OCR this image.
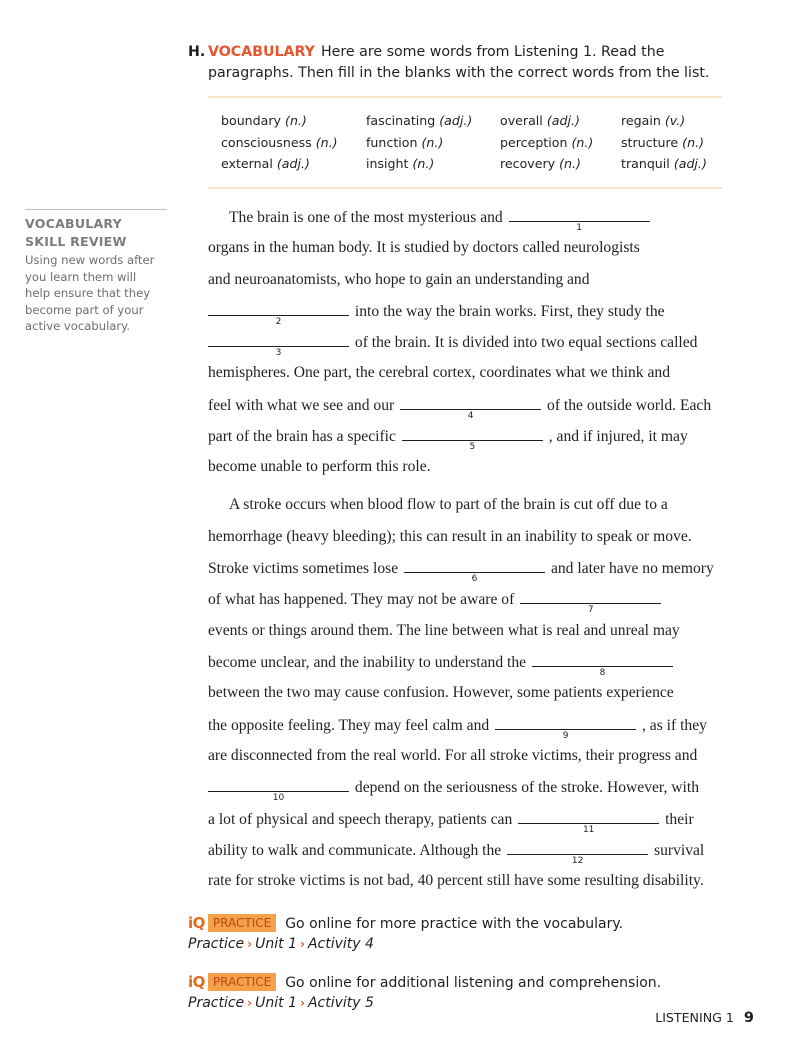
H. VOCABULARY Here are some words from Listening 1. Read the
paragraphs. Then fill in the blanks with the correct words from the list.
boundary (n.)
consciousness (n.)
external (adj.)
fascinating (adj.)
function (n.)
insight (n.)
overall (adj.)
perception (n.)
recovery (n.)
regain (v.)
structure (n.)
tranquil (adj.)
VOCABULARY
SKILL REVIEW
Using new words after
you learn them will
help ensure that they
become part of your
active vocabulary.
The brain is one of the most mysterious and
1
organs in the human body. It is studied by doctors called neurologists
and neuroanatomists, who hope to gain an understanding and
2
into the way the brain works. First, they study the
3
of the brain. It is divided into two equal sections called
hemispheres. One part, the cerebral cortex, coordinates what we think and
feel with what we see and our
4
of the outside world. Each
part of the brain has a specific
5
, and if injured, it may
become unable to perform this role.
A stroke occurs when blood flow to part of the brain is cut off due to a
hemorrhage (heavy bleeding); this can result in an inability to speak or move.
Stroke victims sometimes lose
6
and later have no memory
of what has happened. They may not be aware of
7
events or things around them. The line between what is real and unreal may
become unclear, and the inability to understand the
8
between the two may cause confusion. However, some patients experience
the opposite feeling. They may feel calm and
9
, as if they
are disconnected from the real world. For all stroke victims, their progress and
10
depend on the seriousness of the stroke. However, with
a lot of physical and speech therapy, patients can
11
their
ability to walk and communicate. Although the
12
survival
rate for stroke victims is not bad, 40 percent still have some resulting disability.
iQ PRACTICE Go online for more practice with the vocabulary.
Practice › Unit 1 › Activity 4
iQ PRACTICE Go online for additional listening and comprehension.
Practice › Unit 1 › Activity 5
LISTENING 1 9
